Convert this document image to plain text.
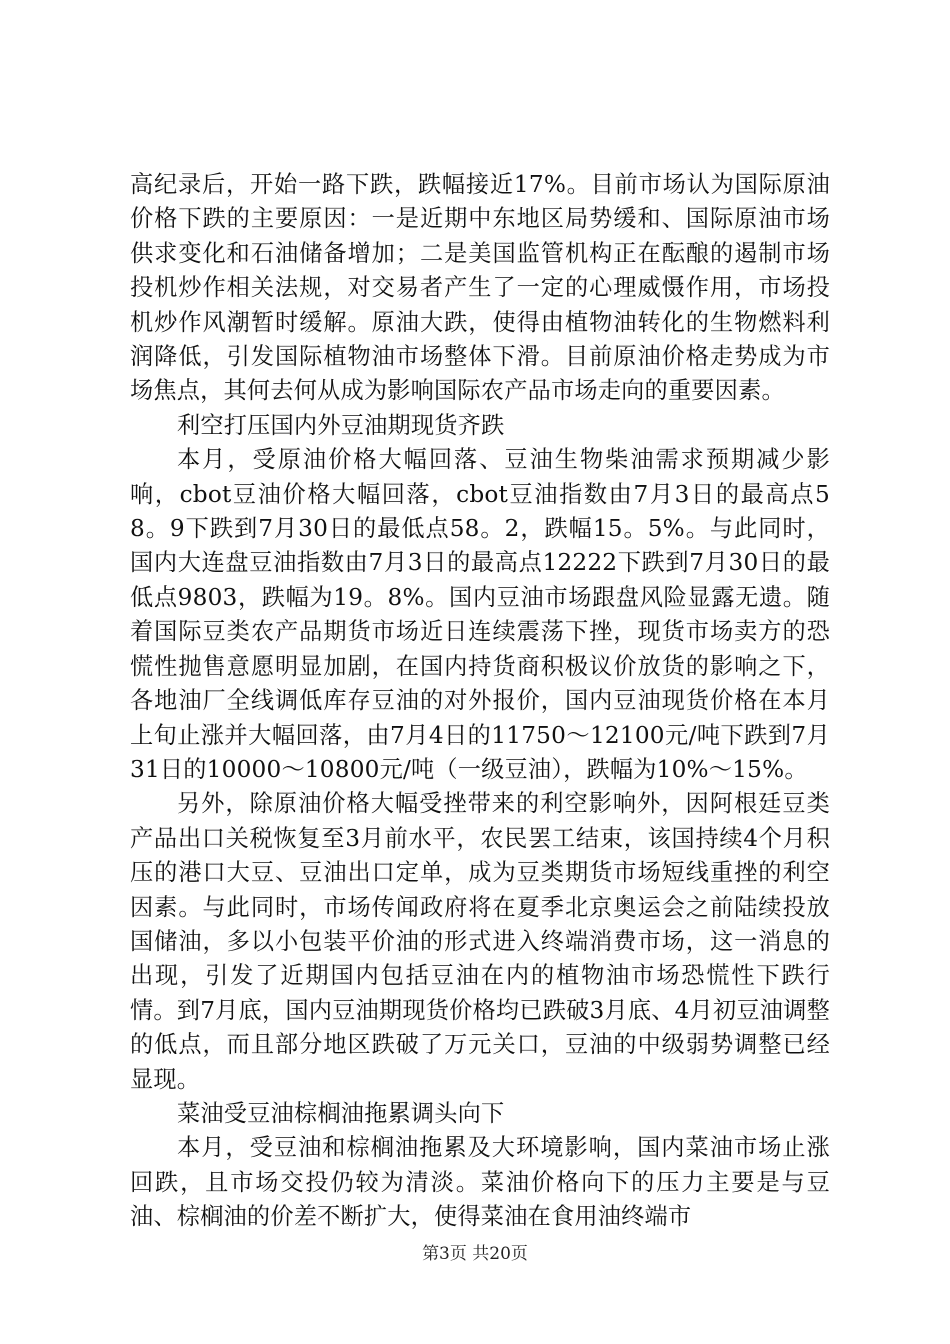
高纪录后，开始一路下跌，跌幅接近17%。目前市场认为国际原油价格下跌的主要原因：一是近期中东地区局势缓和、国际原油市场供求变化和石油储备增加；二是美国监管机构正在酝酿的遏制市场投机炒作相关法规，对交易者产生了一定的心理威慑作用，市场投机炒作风潮暂时缓解。原油大跌，使得由植物油转化的生物燃料利润降低，引发国际植物油市场整体下滑。目前原油价格走势成为市场焦点，其何去何从成为影响国际农产品市场走向的重要因素。

利空打压国内外豆油期现货齐跌

本月，受原油价格大幅回落、豆油生物柴油需求预期减少影响，cbot豆油价格大幅回落，cbot豆油指数由7月3日的最高点58。9下跌到7月30日的最低点58。2，跌幅15。5%。与此同时，国内大连盘豆油指数由7月3日的最高点12222下跌到7月30日的最低点9803，跌幅为19。8%。国内豆油市场跟盘风险显露无遗。随着国际豆类农产品期货市场近日连续震荡下挫，现货市场卖方的恐慌性抛售意愿明显加剧，在国内持货商积极议价放货的影响之下，各地油厂全线调低库存豆油的对外报价，国内豆油现货价格在本月上旬止涨并大幅回落，由7月4日的11750～12100元/吨下跌到7月31日的10000～10800元/吨（一级豆油），跌幅为10%～15%。

另外，除原油价格大幅受挫带来的利空影响外，因阿根廷豆类产品出口关税恢复至3月前水平，农民罢工结束，该国持续4个月积压的港口大豆、豆油出口定单，成为豆类期货市场短线重挫的利空因素。与此同时，市场传闻政府将在夏季北京奥运会之前陆续投放国储油，多以小包装平价油的形式进入终端消费市场，这一消息的出现，引发了近期国内包括豆油在内的植物油市场恐慌性下跌行情。到7月底，国内豆油期现货价格均已跌破3月底、4月初豆油调整的低点，而且部分地区跌破了万元关口，豆油的中级弱势调整已经显现。

菜油受豆油棕榈油拖累调头向下

本月，受豆油和棕榈油拖累及大环境影响，国内菜油市场止涨回跌，且市场交投仍较为清淡。菜油价格向下的压力主要是与豆油、棕榈油的价差不断扩大，使得菜油在食用油终端市

第3页 共20页
